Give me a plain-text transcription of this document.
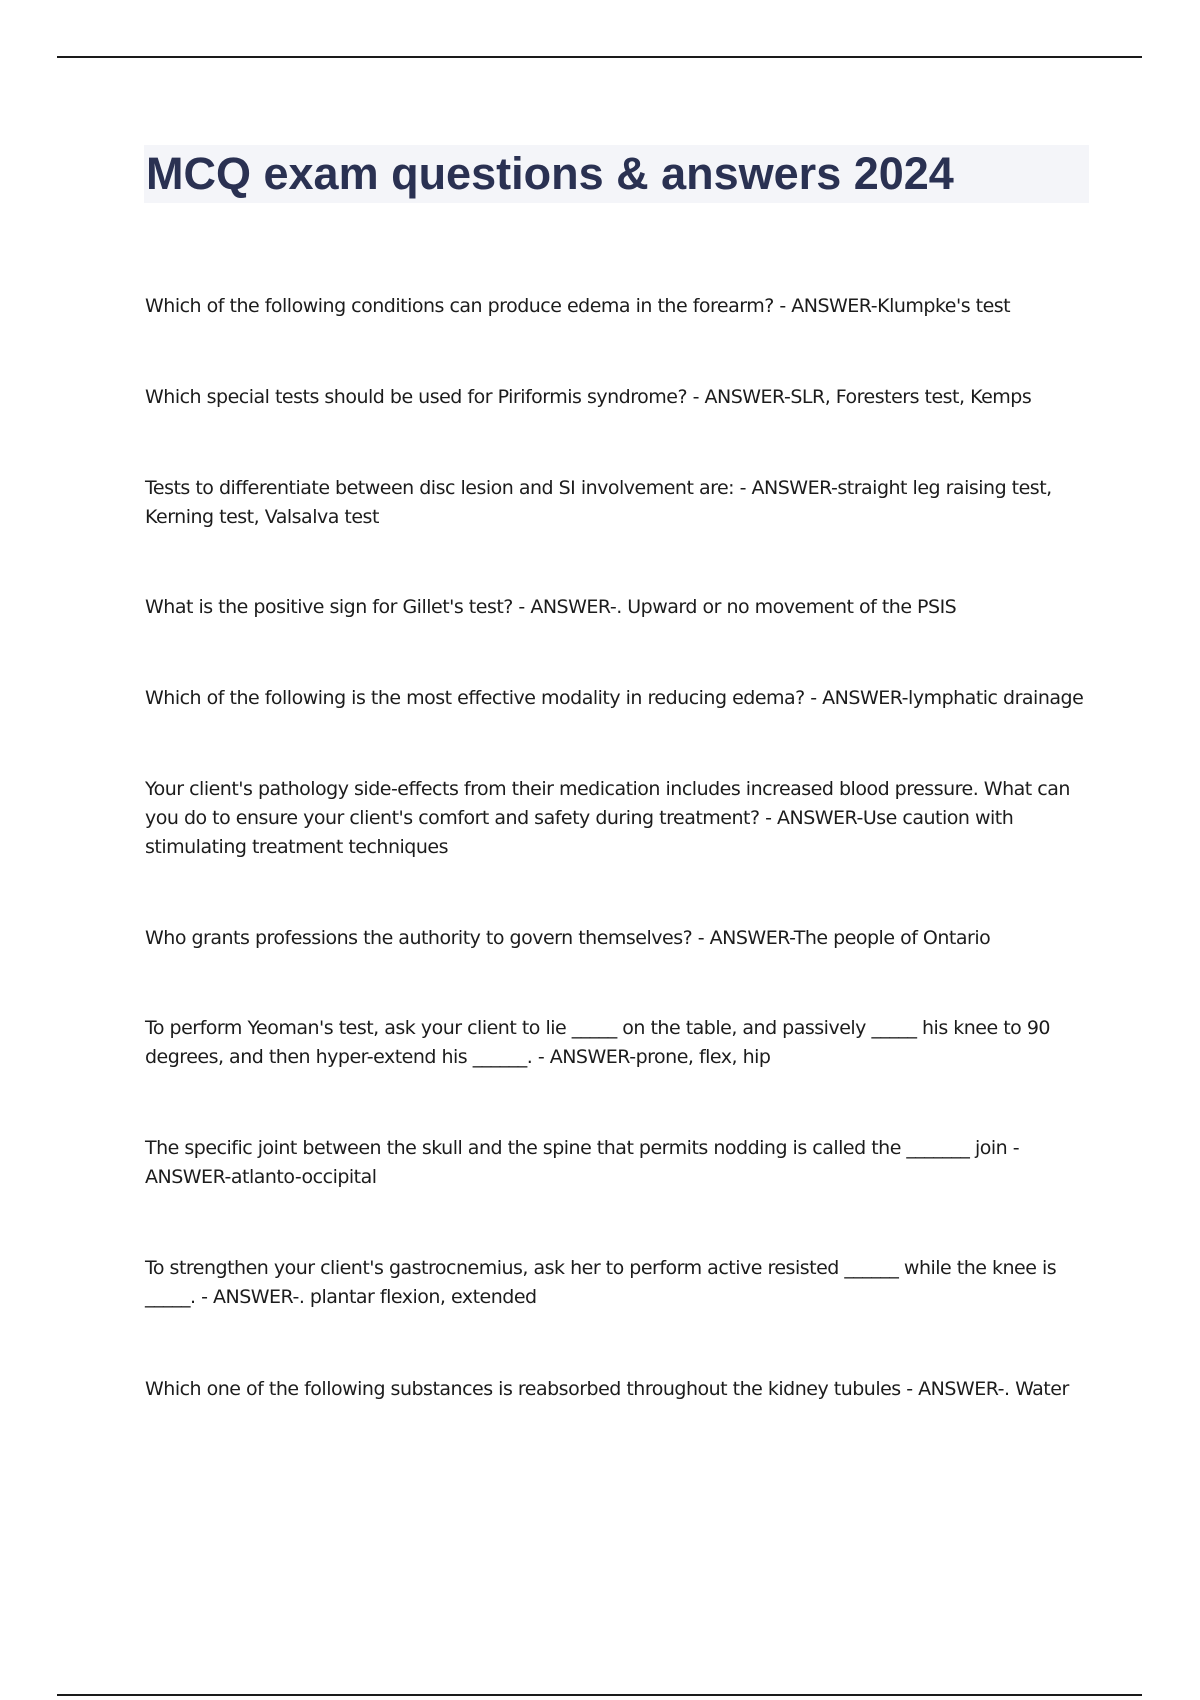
MCQ exam questions & answers 2024

Which of the following conditions can produce edema in the forearm? - ANSWER-Klumpke's test

Which special tests should be used for Piriformis syndrome? - ANSWER-SLR, Foresters test, Kemps

Tests to differentiate between disc lesion and SI involvement are: - ANSWER-straight leg raising test, Kerning test, Valsalva test

What is the positive sign for Gillet's test? - ANSWER-. Upward or no movement of the PSIS

Which of the following is the most effective modality in reducing edema? - ANSWER-lymphatic drainage

Your client's pathology side-effects from their medication includes increased blood pressure. What can you do to ensure your client's comfort and safety during treatment? - ANSWER-Use caution with stimulating treatment techniques

Who grants professions the authority to govern themselves? - ANSWER-The people of Ontario

To perform Yeoman's test, ask your client to lie _____ on the table, and passively _____ his knee to 90 degrees, and then hyper-extend his ______. - ANSWER-prone, flex, hip

The specific joint between the skull and the spine that permits nodding is called the _______ join - ANSWER-atlanto-occipital

To strengthen your client's gastrocnemius, ask her to perform active resisted ______ while the knee is _____. - ANSWER-. plantar flexion, extended

Which one of the following substances is reabsorbed throughout the kidney tubules - ANSWER-. Water
